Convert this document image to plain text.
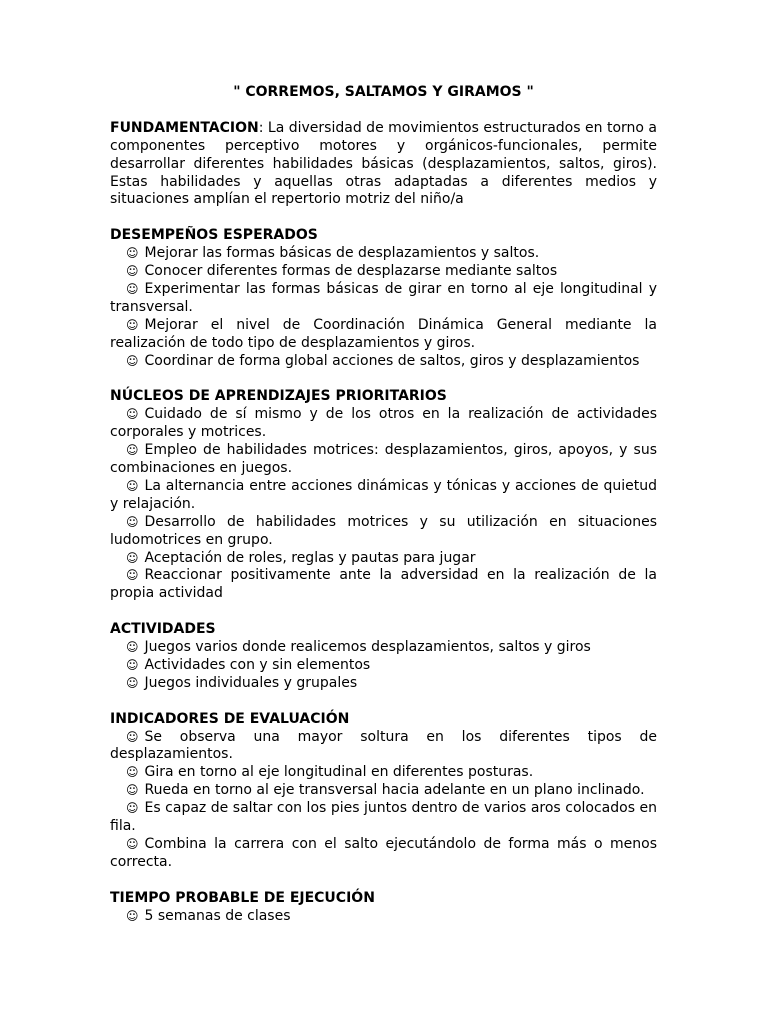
" CORREMOS, SALTAMOS Y GIRAMOS "

FUNDAMENTACION: La diversidad de movimientos estructurados en torno a componentes perceptivo motores y orgánicos-funcionales, permite desarrollar diferentes habilidades básicas (desplazamientos, saltos, giros). Estas habilidades y aquellas otras adaptadas a diferentes medios y situaciones amplían el repertorio motriz del niño/a

DESEMPEÑOS ESPERADOS

☺ Mejorar las formas básicas de desplazamientos y saltos.
☺ Conocer diferentes formas de desplazarse mediante saltos
☺ Experimentar las formas básicas de girar en torno al eje longitudinal y transversal.
☺ Mejorar el nivel de Coordinación Dinámica General mediante la realización de todo tipo de desplazamientos y giros.
☺ Coordinar de forma global acciones de saltos, giros y desplazamientos

NÚCLEOS DE APRENDIZAJES PRIORITARIOS

☺ Cuidado de sí mismo y de los otros en la realización de actividades corporales y motrices.
☺ Empleo de habilidades motrices: desplazamientos, giros, apoyos, y sus combinaciones en juegos.
☺ La alternancia entre acciones dinámicas y tónicas y acciones de quietud y relajación.
☺ Desarrollo de habilidades motrices y su utilización en situaciones ludomotrices en grupo.
☺ Aceptación de roles, reglas y pautas para jugar
☺ Reaccionar positivamente ante la adversidad en la realización de la propia actividad

ACTIVIDADES

☺ Juegos varios donde realicemos desplazamientos, saltos y giros
☺ Actividades con y sin elementos
☺ Juegos individuales y grupales

INDICADORES DE EVALUACIÓN

☺ Se observa una mayor soltura en los diferentes tipos de desplazamientos.
☺ Gira en torno al eje longitudinal en diferentes posturas.
☺ Rueda en torno al eje transversal hacia adelante en un plano inclinado.
☺ Es capaz de saltar con los pies juntos dentro de varios aros colocados en fila.
☺ Combina la carrera con el salto ejecutándolo de forma más o menos correcta.

TIEMPO PROBABLE DE EJECUCIÓN

☺ 5 semanas de clases
